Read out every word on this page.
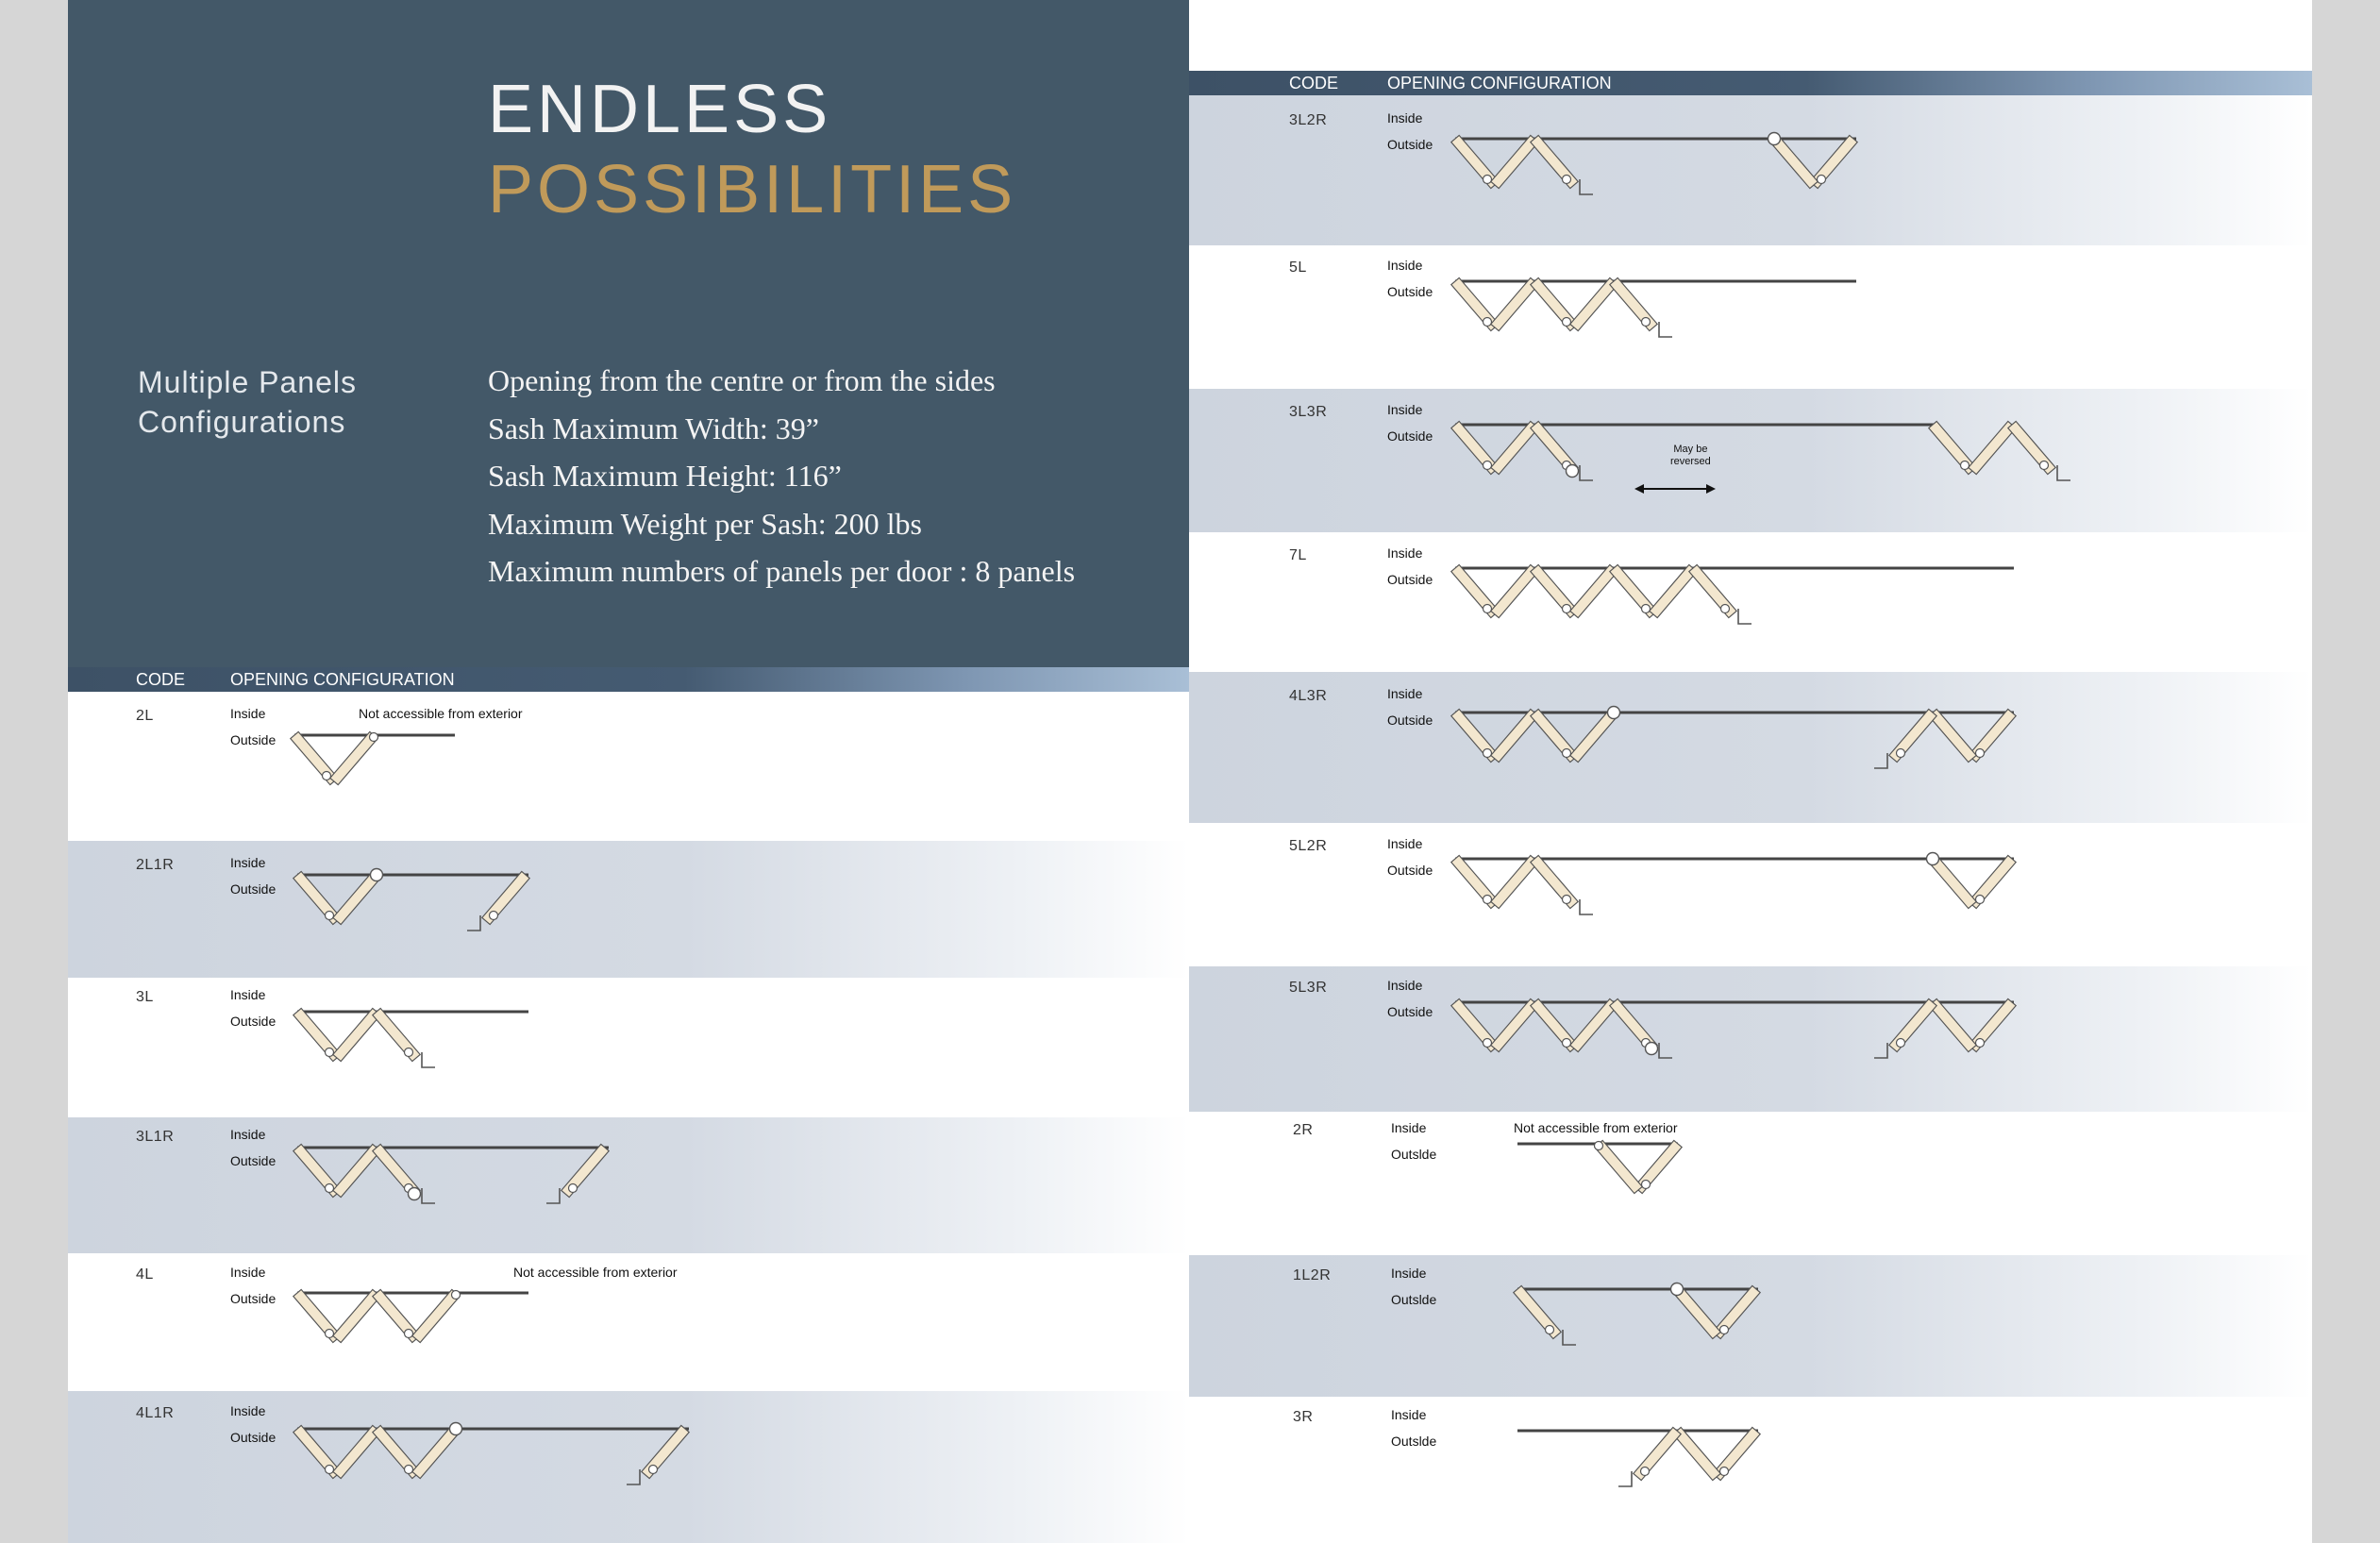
ENDLESS
POSSIBILITIES
Multiple Panels
Configurations
Opening from the centre or from the sides
Sash Maximum Width: 39”
Sash Maximum Height: 116”
Maximum Weight per Sash: 200 lbs
Maximum numbers of panels per door : 8 panels
CODE	OPENING CONFIGURATION
CODE	OPENING CONFIGURATION
2L	Inside
Outside
Not accessible from exterior
2L1R	Inside
Outside
3L	Inside
Outside
3L1R	Inside
Outside
4L	Inside
Outside
Not accessible from exterior
4L1R	Inside
Outside
3L2R	Inside
Outside
5L	Inside
Outside
3L3R	Inside
Outside
May be
reversed
7L	Inside
Outside
4L3R	Inside
Outside
5L2R	Inside
Outside
5L3R	Inside
Outside
2R	Inside
Outslde
Not accessible from exterior
1L2R	Inside
Outslde
3R	Inside
Outslde
